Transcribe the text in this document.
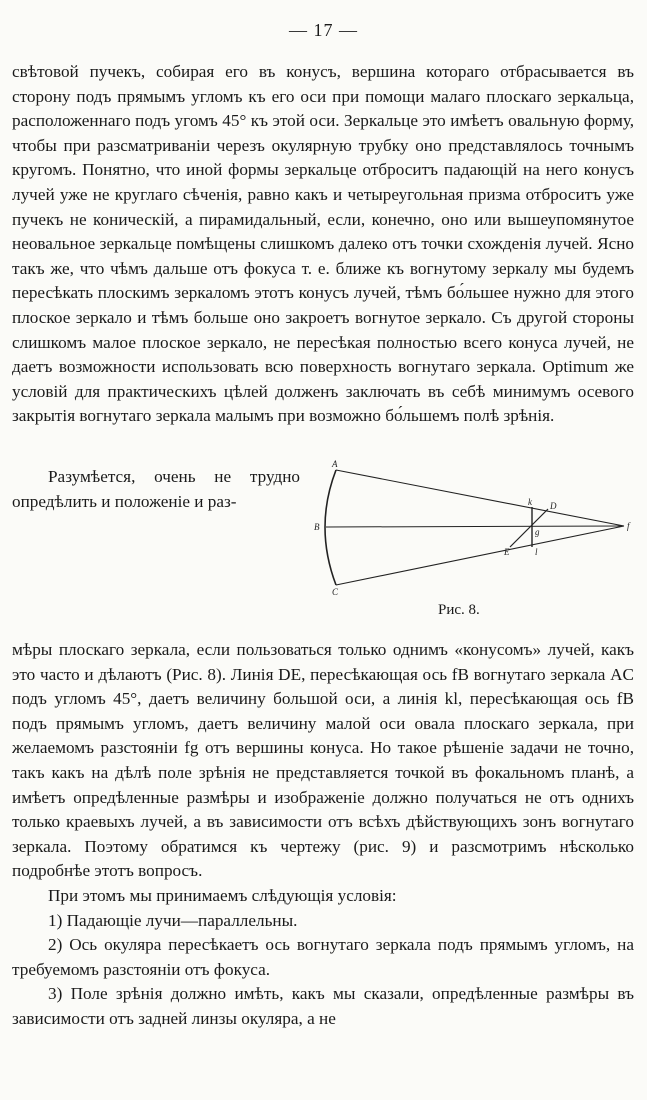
— 17 —

свѣтовой пучекъ, собирая его въ конусъ, вершина котораго отбрасывается въ сторону подъ прямымъ угломъ къ его оси при помощи малаго плоскаго зеркальца, расположеннаго подъ угомъ 45° къ этой оси. Зеркальце это имѣетъ овальную форму, чтобы при разсматриваніи черезъ окулярную трубку оно представлялось точнымъ кругомъ. Понятно, что иной формы зеркальце отброситъ падающій на него конусъ лучей уже не круглаго сѣченія, равно какъ и четыреугольная призма отброситъ уже пучекъ не коническій, а пирамидальный, если, конечно, оно или вышеупомянутое неовальное зеркальце помѣщены слишкомъ далеко отъ точки схожденія лучей. Ясно такъ же, что чѣмъ дальше отъ фокуса т. е. ближе къ вогнутому зеркалу мы будемъ пересѣкать плоскимъ зеркаломъ этотъ конусъ лучей, тѣмъ бо́льшее нужно для этого плоское зеркало и тѣмъ больше оно закроетъ вогнутое зеркало. Съ другой стороны слишкомъ малое плоское зеркало, не пересѣкая полностью всего конуса лучей, не даетъ возможности использовать всю поверхность вогнутаго зеркала. Optimum же условій для практическихъ цѣлей долженъ заключать въ себѣ минимумъ осевого закрытія вогнутаго зеркала малымъ при возможно бо́льшемъ полѣ зрѣнія.

Разумѣется, очень не трудно опредѣлить и положеніе и раз-

A
B
C
D
E
f
g
k
l
Рис. 8.

мѣры плоскаго зеркала, если пользоваться только однимъ «конусомъ» лучей, какъ это часто и дѣлаютъ (Рис. 8). Линія DE, пересѣкающая ось fB вогнутаго зеркала AC подъ угломъ 45°, даетъ величину большой оси, а линія kl, пересѣкающая ось fB подъ прямымъ угломъ, даетъ величину малой оси овала плоскаго зеркала, при желаемомъ разстояніи fg отъ вершины конуса. Но такое рѣшеніе задачи не точно, такъ какъ на дѣлѣ поле зрѣнія не представляется точкой въ фокальномъ планѣ, а имѣетъ опредѣленные размѣры и изображеніе должно получаться не отъ однихъ только краевыхъ лучей, а въ зависимости отъ всѣхъ дѣйствующихъ зонъ вогнутаго зеркала. Поэтому обратимся къ чертежу (рис. 9) и разсмотримъ нѣсколько подробнѣе этотъ вопросъ.

При этомъ мы принимаемъ слѣдующія условія:

1) Падающіе лучи—параллельны.

2) Ось окуляра пересѣкаетъ ось вогнутаго зеркала подъ прямымъ угломъ, на требуемомъ разстояніи отъ фокуса.

3) Поле зрѣнія должно имѣть, какъ мы сказали, опредѣленные размѣры въ зависимости отъ задней линзы окуляра, а не
